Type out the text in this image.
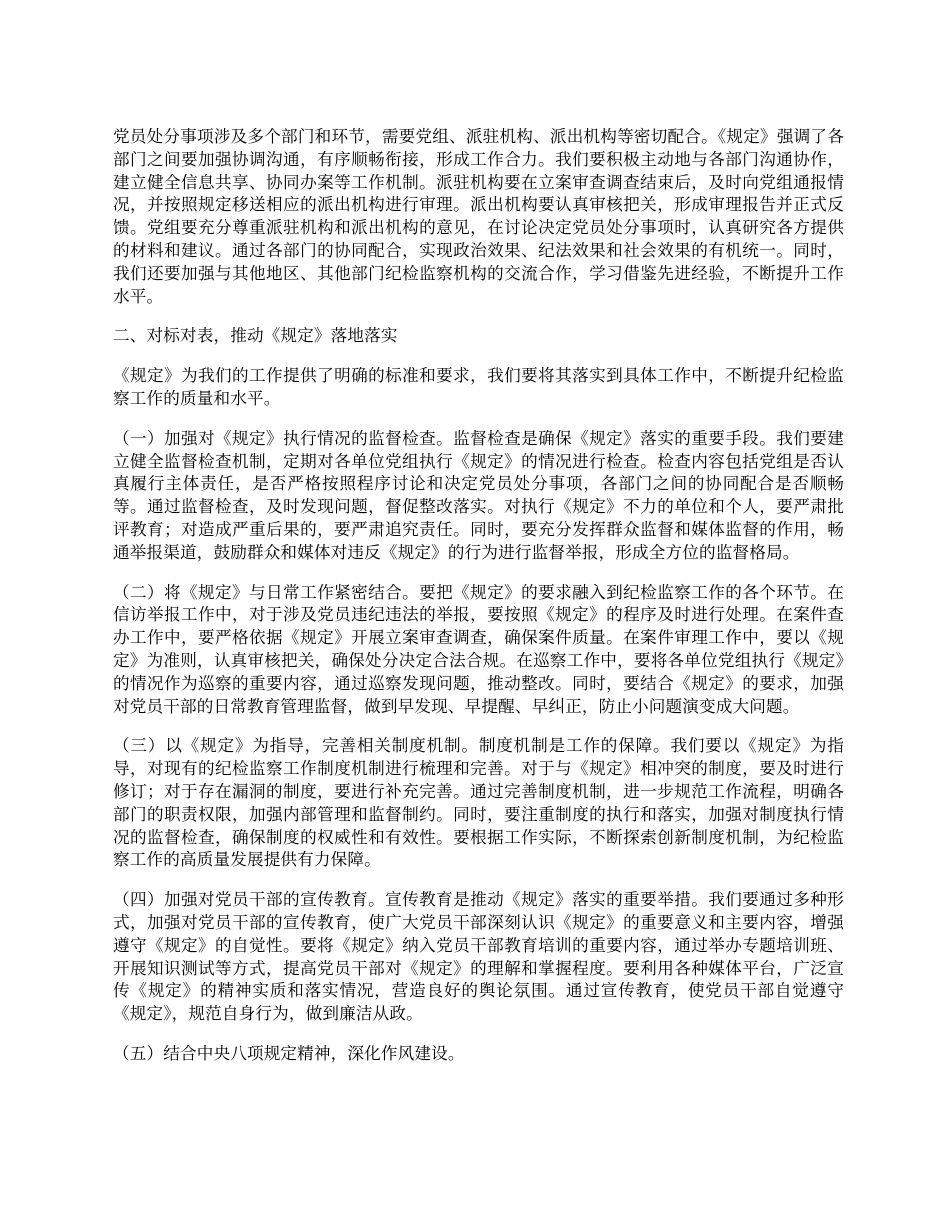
党员处分事项涉及多个部门和环节，需要党组、派驻机构、派出机构等密切配合。《规定》强调了各部门之间要加强协调沟通，有序顺畅衔接，形成工作合力。我们要积极主动地与各部门沟通协作，建立健全信息共享、协同办案等工作机制。派驻机构要在立案审查调查结束后，及时向党组通报情况，并按照规定移送相应的派出机构进行审理。派出机构要认真审核把关，形成审理报告并正式反馈。党组要充分尊重派驻机构和派出机构的意见，在讨论决定党员处分事项时，认真研究各方提供的材料和建议。通过各部门的协同配合，实现政治效果、纪法效果和社会效果的有机统一。同时，我们还要加强与其他地区、其他部门纪检监察机构的交流合作，学习借鉴先进经验，不断提升工作水平。

二、对标对表，推动《规定》落地落实

《规定》为我们的工作提供了明确的标准和要求，我们要将其落实到具体工作中，不断提升纪检监察工作的质量和水平。

（一）加强对《规定》执行情况的监督检查。监督检查是确保《规定》落实的重要手段。我们要建立健全监督检查机制，定期对各单位党组执行《规定》的情况进行检查。检查内容包括党组是否认真履行主体责任，是否严格按照程序讨论和决定党员处分事项，各部门之间的协同配合是否顺畅等。通过监督检查，及时发现问题，督促整改落实。对执行《规定》不力的单位和个人，要严肃批评教育；对造成严重后果的，要严肃追究责任。同时，要充分发挥群众监督和媒体监督的作用，畅通举报渠道，鼓励群众和媒体对违反《规定》的行为进行监督举报，形成全方位的监督格局。

（二）将《规定》与日常工作紧密结合。要把《规定》的要求融入到纪检监察工作的各个环节。在信访举报工作中，对于涉及党员违纪违法的举报，要按照《规定》的程序及时进行处理。在案件查办工作中，要严格依据《规定》开展立案审查调查，确保案件质量。在案件审理工作中，要以《规定》为准则，认真审核把关，确保处分决定合法合规。在巡察工作中，要将各单位党组执行《规定》的情况作为巡察的重要内容，通过巡察发现问题，推动整改。同时，要结合《规定》的要求，加强对党员干部的日常教育管理监督，做到早发现、早提醒、早纠正，防止小问题演变成大问题。

（三）以《规定》为指导，完善相关制度机制。制度机制是工作的保障。我们要以《规定》为指导，对现有的纪检监察工作制度机制进行梳理和完善。对于与《规定》相冲突的制度，要及时进行修订；对于存在漏洞的制度，要进行补充完善。通过完善制度机制，进一步规范工作流程，明确各部门的职责权限，加强内部管理和监督制约。同时，要注重制度的执行和落实，加强对制度执行情况的监督检查，确保制度的权威性和有效性。要根据工作实际，不断探索创新制度机制，为纪检监察工作的高质量发展提供有力保障。

（四）加强对党员干部的宣传教育。宣传教育是推动《规定》落实的重要举措。我们要通过多种形式，加强对党员干部的宣传教育，使广大党员干部深刻认识《规定》的重要意义和主要内容，增强遵守《规定》的自觉性。要将《规定》纳入党员干部教育培训的重要内容，通过举办专题培训班、开展知识测试等方式，提高党员干部对《规定》的理解和掌握程度。要利用各种媒体平台，广泛宣传《规定》的精神实质和落实情况，营造良好的舆论氛围。通过宣传教育，使党员干部自觉遵守《规定》，规范自身行为，做到廉洁从政。

（五）结合中央八项规定精神，深化作风建设。
